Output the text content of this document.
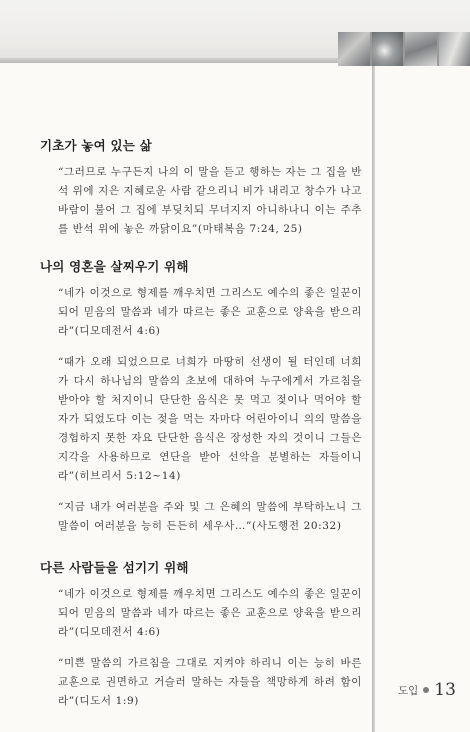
기초가 놓여 있는 삶

“그러므로 누구든지 나의 이 말을 듣고 행하는 자는 그 집을 반석 위에 지은 지혜로운 사람 같으리니 비가 내리고 창수가 나고 바람이 불어 그 집에 부딪치되 무너지지 아니하나니 이는 주추를 반석 위에 놓은 까닭이요”(마태복음 7:24, 25)

나의 영혼을 살찌우기 위해

“네가 이것으로 형제를 깨우치면 그리스도 예수의 좋은 일꾼이 되어 믿음의 말씀과 네가 따르는 좋은 교훈으로 양육을 받으리라”(디모데전서 4:6)

“때가 오래 되었으므로 너희가 마땅히 선생이 될 터인데 너희가 다시 하나님의 말씀의 초보에 대하여 누구에게서 가르침을 받아야 할 처지이니 단단한 음식은 못 먹고 젖이나 먹어야 할 자가 되었도다 이는 젖을 먹는 자마다 어린아이니 의의 말씀을 경험하지 못한 자요 단단한 음식은 장성한 자의 것이니 그들은 지각을 사용하므로 연단을 받아 선악을 분별하는 자들이니라”(히브리서 5:12~14)

“지금 내가 여러분을 주와 및 그 은혜의 말씀에 부탁하노니 그 말씀이 여러분을 능히 든든히 세우사…”(사도행전 20:32)

다른 사람들을 섬기기 위해

“네가 이것으로 형제를 깨우치면 그리스도 예수의 좋은 일꾼이 되어 믿음의 말씀과 네가 따르는 좋은 교훈으로 양육을 받으리라”(디모데전서 4:6)

“미쁜 말씀의 가르침을 그대로 지켜야 하리니 이는 능히 바른 교훈으로 권면하고 거슬러 말하는 자들을 책망하게 하려 함이라”(디도서 1:9)

도입 13
